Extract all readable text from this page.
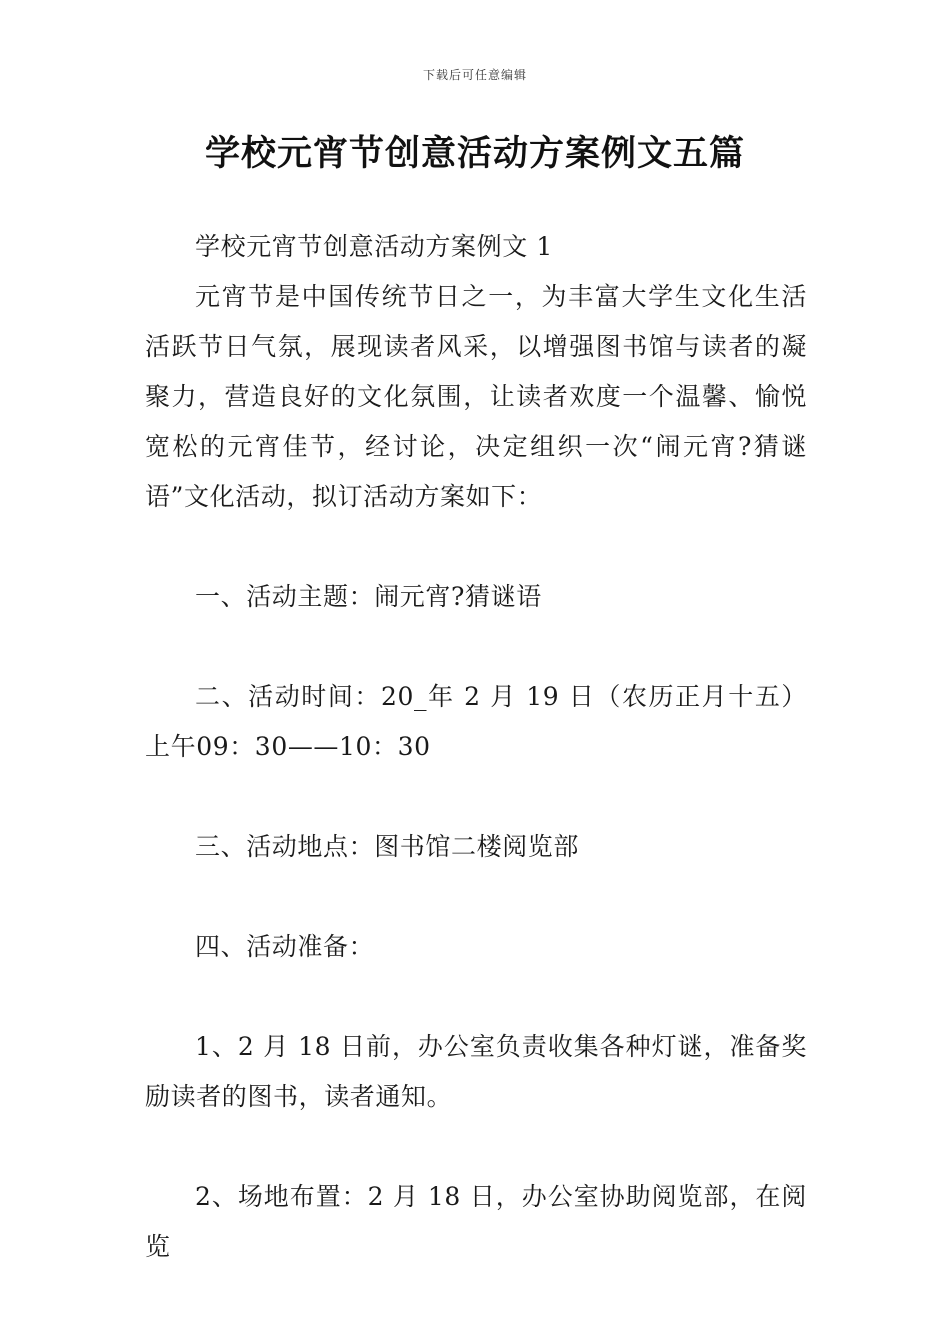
下载后可任意编辑
学校元宵节创意活动方案例文五篇

学校元宵节创意活动方案例文 1

元宵节是中国传统节日之一，为丰富大学生文化生活活跃节日气氛，展现读者风采，以增强图书馆与读者的凝聚力，营造良好的文化氛围，让读者欢度一个温馨、愉悦宽松的元宵佳节，经讨论，决定组织一次“闹元宵?猜谜语”文化活动，拟订活动方案如下：

一、活动主题：闹元宵?猜谜语

二、活动时间：20_年 2 月 19 日（农历正月十五）上午09：30——10：30

三、活动地点：图书馆二楼阅览部

四、活动准备：

1、2 月 18 日前，办公室负责收集各种灯谜，准备奖励读者的图书，读者通知。

2、场地布置：2 月 18 日，办公室协助阅览部，在阅览
